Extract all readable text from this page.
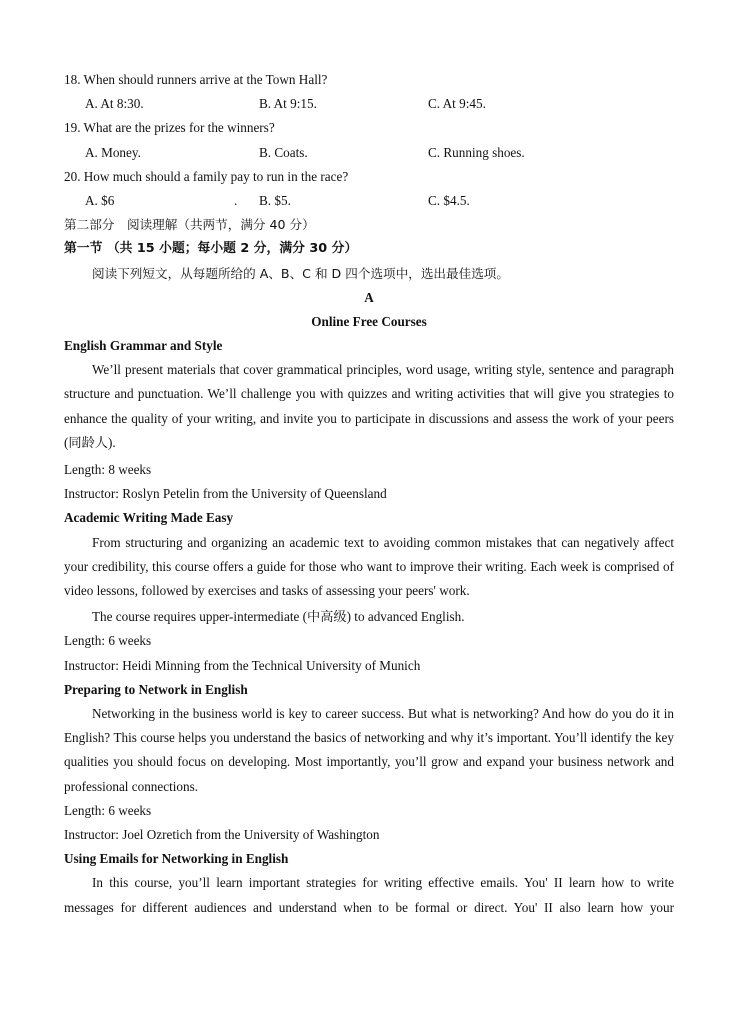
18. When should runners arrive at the Town Hall?
A. At 8:30.	B. At 9:15.	C. At 9:45.
19. What are the prizes for the winners?
A. Money.	B. Coats.	C. Running shoes.
20. How much should a family pay to run in the race?
A. $6	. B. $5.	C. $4.5.
第二部分　阅读理解（共两节，满分 40 分）
第一节 （共 15 小题；每小题 2 分，满分 30 分）
阅读下列短文，从每题所给的 A、B、C 和 D 四个选项中，选出最佳选项。
A
Online Free Courses
English Grammar and Style
We’ll present materials that cover grammatical principles, word usage, writing style, sentence and paragraph structure and punctuation. We’ll challenge you with quizzes and writing activities that will give you strategies to enhance the quality of your writing, and invite you to participate in discussions and assess the work of your peers (同龄人).
Length: 8 weeks
Instructor: Roslyn Petelin from the University of Queensland
Academic Writing Made Easy
From structuring and organizing an academic text to avoiding common mistakes that can negatively affect your credibility, this course offers a guide for those who want to improve their writing. Each week is comprised of video lessons, followed by exercises and tasks of assessing your peers' work.
The course requires upper-intermediate (中高级) to advanced English.
Length: 6 weeks
Instructor: Heidi Minning from the Technical University of Munich
Preparing to Network in English
Networking in the business world is key to career success. But what is networking? And how do you do it in English? This course helps you understand the basics of networking and why it’s important. You’ll identify the key qualities you should focus on developing. Most importantly, you’ll grow and expand your business network and professional connections.
Length: 6 weeks
Instructor: Joel Ozretich from the University of Washington
Using Emails for Networking in English
In this course, you’ll learn important strategies for writing effective emails. You' II learn how to write messages for different audiences and understand when to be formal or direct. You' II also learn how your
